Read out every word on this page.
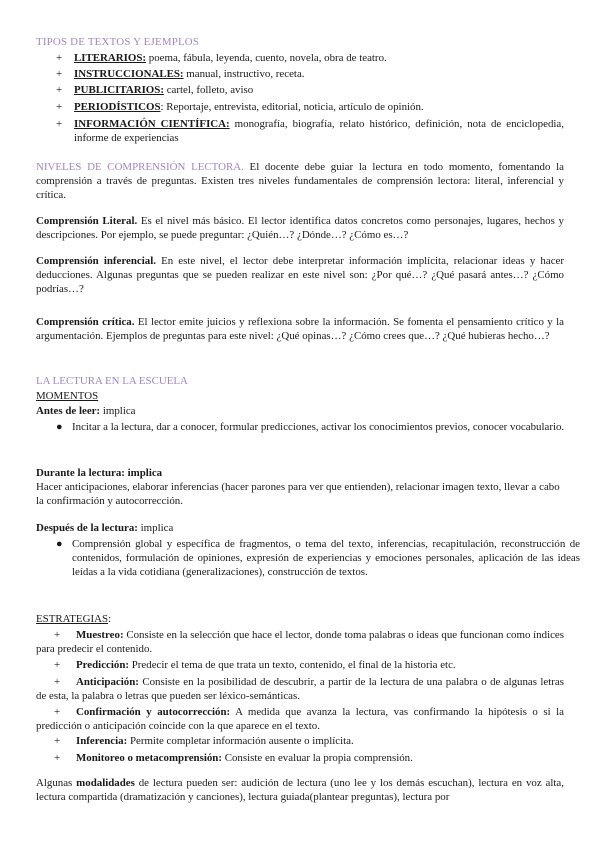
TIPOS DE TEXTOS Y EJEMPLOS
+ LITERARIOS: poema, fábula, leyenda, cuento, novela, obra de teatro.
+ INSTRUCCIONALES: manual, instructivo, receta.
+ PUBLICITARIOS: cartel, folleto, aviso
+ PERIODÍSTICOS: Reportaje, entrevista, editorial, noticia, artículo de opinión.
+ INFORMACIÓN CIENTÍFICA: monografía, biografía, relato histórico, definición, nota de enciclopedia, informe de experiencias
NIVELES DE COMPRENSIÓN LECTORA. El docente debe guiar la lectura en todo momento, fomentando la comprensión a través de preguntas. Existen tres niveles fundamentales de comprensión lectora: literal, inferencial y crítica.
Comprensión Literal. Es el nivel más básico. El lector identifica datos concretos como personajes, lugares, hechos y descripciones. Por ejemplo, se puede preguntar: ¿Quién…? ¿Dónde…? ¿Cómo es…?
Comprensión inferencial. En este nivel, el lector debe interpretar información implícita, relacionar ideas y hacer deducciones. Algunas preguntas que se pueden realizar en este nivel son: ¿Por qué…? ¿Qué pasará antes…? ¿Cómo podrías…?
Comprensión crítica. El lector emite juicios y reflexiona sobre la información. Se fomenta el pensamiento crítico y la argumentación. Ejemplos de preguntas para este nivel: ¿Qué opinas…? ¿Cómo crees que…? ¿Qué hubieras hecho…?
LA LECTURA EN LA ESCUELA
MOMENTOS
Antes de leer: implica
● Incitar a la lectura, dar a conocer, formular predicciones, activar los conocimientos previos, conocer vocabulario.
Durante la lectura: implica
Hacer anticipaciones, elaborar inferencias (hacer parones para ver que entienden), relacionar imagen texto, llevar a cabo la confirmación y autocorrección.
Después de la lectura: implica
● Comprensión global y específica de fragmentos, o tema del texto, inferencias, recapitulación, reconstrucción de contenidos, formulación de opiniones, expresión de experiencias y emociones personales, aplicación de las ideas leídas a la vida cotidiana (generalizaciones), construcción de textos.
ESTRATEGIAS:
+ Muestreo: Consiste en la selección que hace el lector, donde toma palabras o ideas que funcionan como índices para predecir el contenido.
+ Predicción: Predecir el tema de que trata un texto, contenido, el final de la historia etc.
+ Anticipación: Consiste en la posibilidad de descubrir, a partir de la lectura de una palabra o de algunas letras de esta, la palabra o letras que pueden ser léxico-semánticas.
+ Confirmación y autocorrección: A medida que avanza la lectura, vas confirmando la hipótesis o si la predicción o anticipación coincide con la que aparece en el texto.
+ Inferencia: Permite completar información ausente o implícita.
+ Monitoreo o metacomprensión: Consiste en evaluar la propia comprensión.
Algunas modalidades de lectura pueden ser: audición de lectura (uno lee y los demás escuchan), lectura en voz alta, lectura compartida (dramatización y canciones), lectura guiada(plantear preguntas), lectura por
